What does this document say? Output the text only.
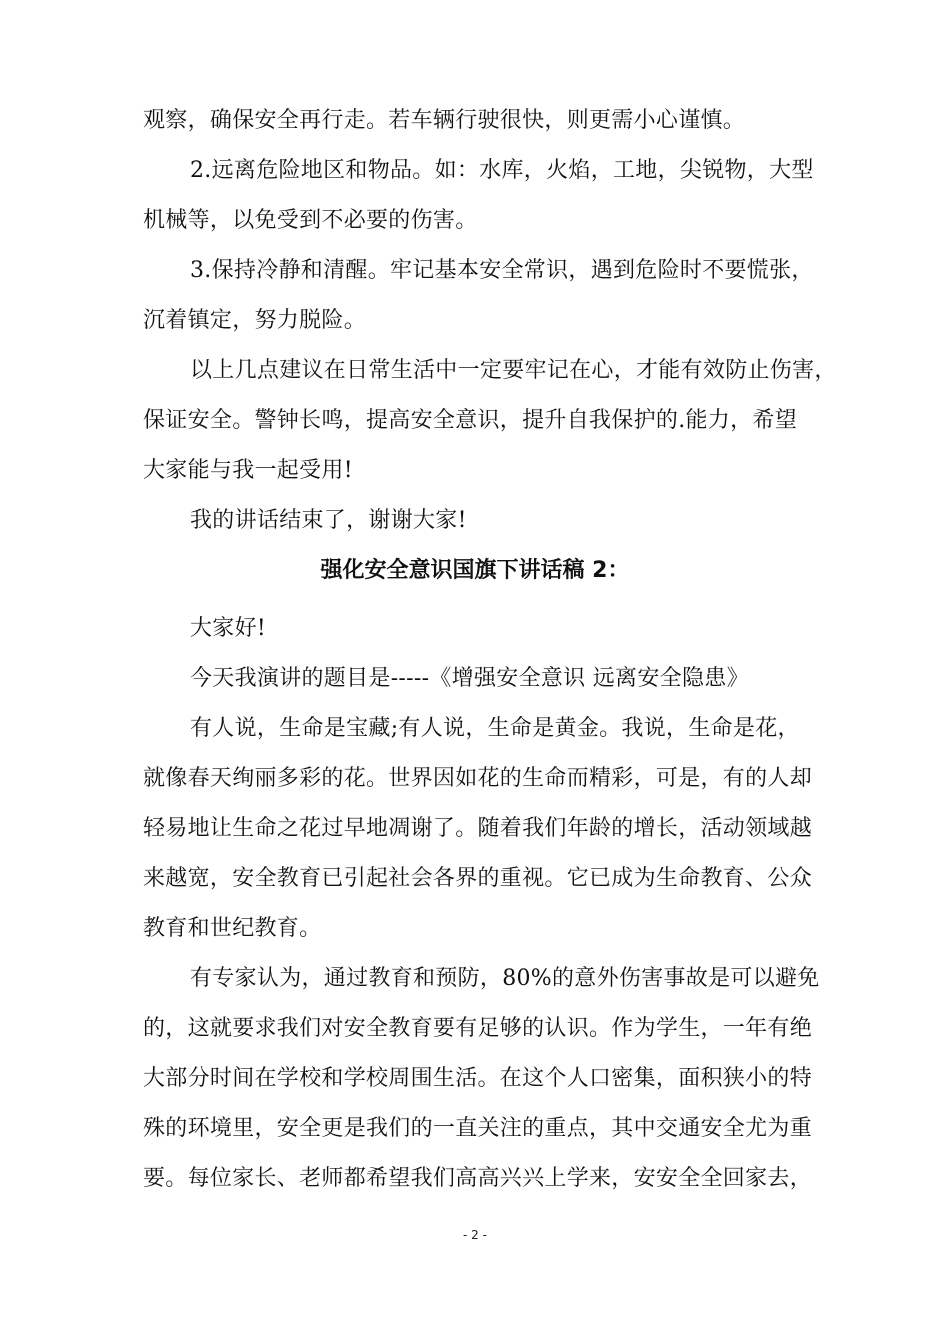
观察，确保安全再行走。若车辆行驶很快，则更需小心谨慎。
2.远离危险地区和物品。如：水库，火焰，工地，尖锐物，大型
机械等，以免受到不必要的伤害。
3.保持冷静和清醒。牢记基本安全常识，遇到危险时不要慌张，
沉着镇定，努力脱险。
以上几点建议在日常生活中一定要牢记在心，才能有效防止伤害，
保证安全。警钟长鸣，提高安全意识，提升自我保护的.能力，希望
大家能与我一起受用!
我的讲话结束了，谢谢大家!
强化安全意识国旗下讲话稿 2：
大家好!
今天我演讲的题目是-----《增强安全意识 远离安全隐患》
有人说，生命是宝藏;有人说，生命是黄金。我说，生命是花，
就像春天绚丽多彩的花。世界因如花的生命而精彩，可是，有的人却
轻易地让生命之花过早地凋谢了。随着我们年龄的增长，活动领域越
来越宽，安全教育已引起社会各界的重视。它已成为生命教育、公众
教育和世纪教育。
有专家认为，通过教育和预防，80%的意外伤害事故是可以避免
的，这就要求我们对安全教育要有足够的认识。作为学生，一年有绝
大部分时间在学校和学校周围生活。在这个人口密集，面积狭小的特
殊的环境里，安全更是我们的一直关注的重点，其中交通安全尤为重
要。每位家长、老师都希望我们高高兴兴上学来，安安全全回家去，
- 2 -
